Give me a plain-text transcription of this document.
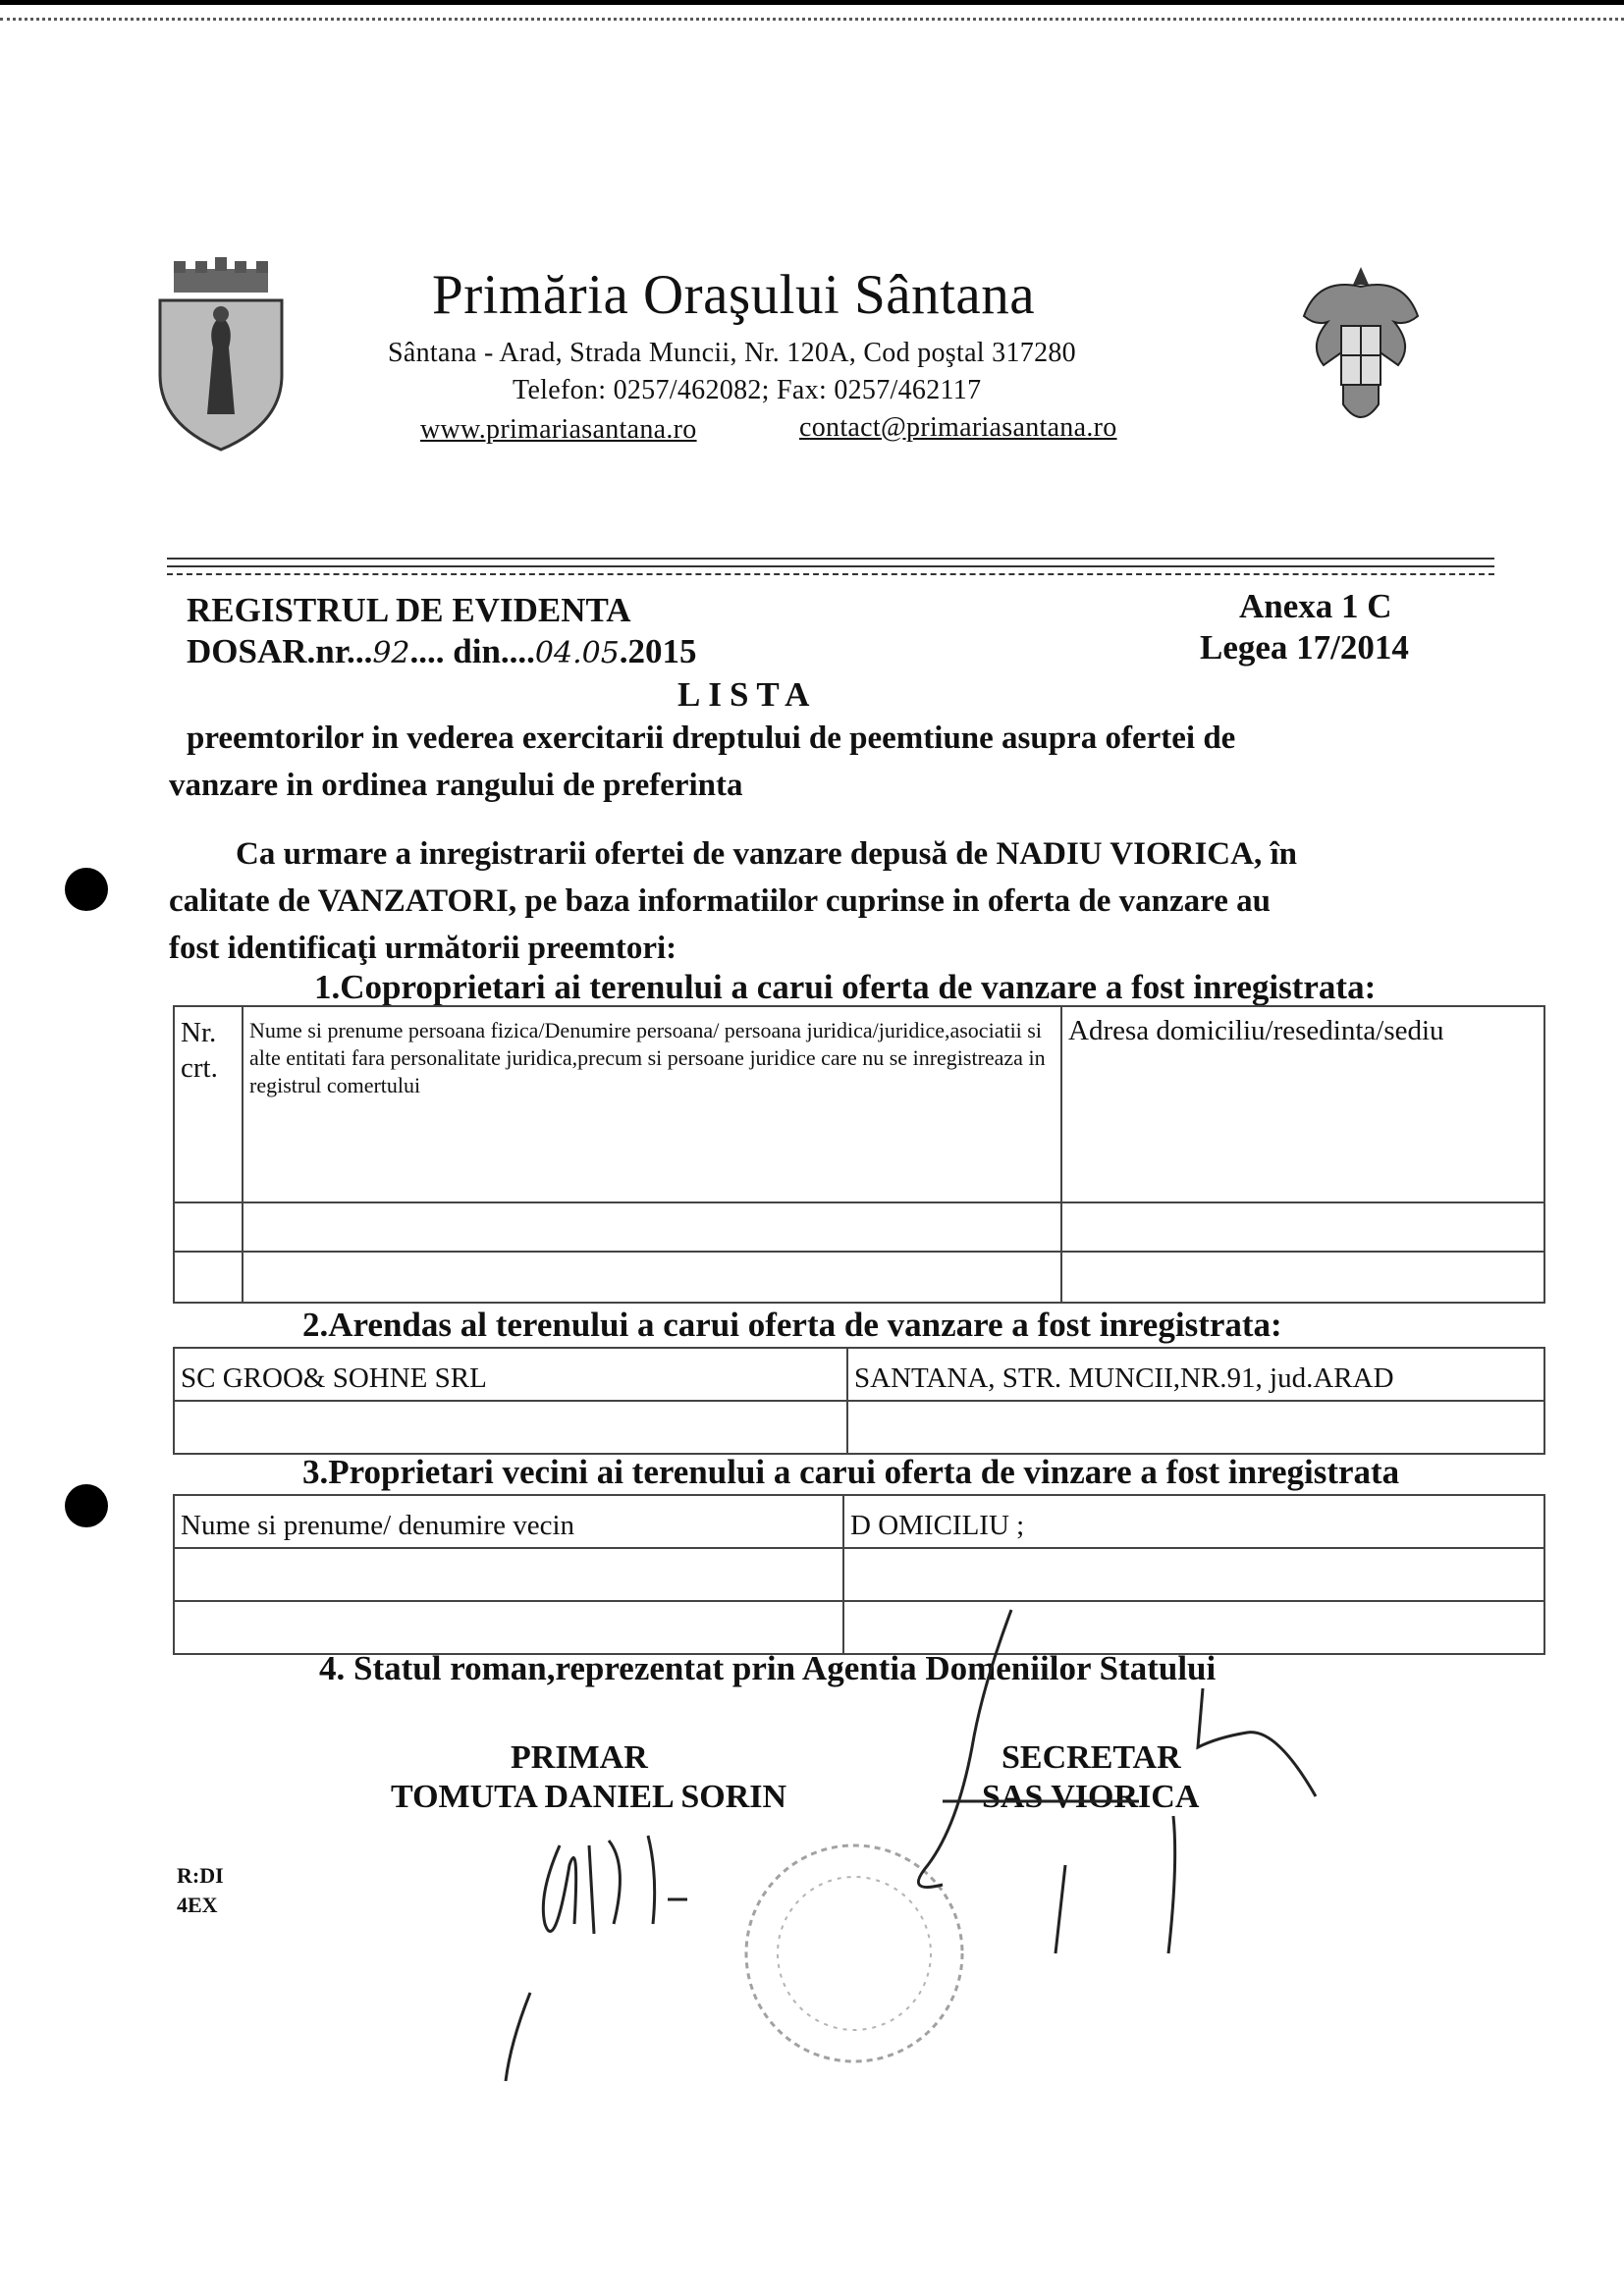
Primăria Oraşului Sântana
Sântana - Arad, Strada Muncii, Nr. 120A, Cod poştal 317280
Telefon: 0257/462082; Fax: 0257/462117
www.primariasantana.ro	contact@primariasantana.ro
REGISTRUL DE EVIDENTA
DOSAR.nr...92.... din....04.05.2015
Anexa 1 C
Legea 17/2014
LISTA
preemtorilor in vederea exercitarii dreptului de peemtiune asupra ofertei de
vanzare in ordinea rangului de preferinta
Ca urmare a inregistrarii ofertei de vanzare depusă de NADIU VIORICA, în
calitate de VANZATORI, pe baza informatiilor cuprinse in oferta de vanzare au
fost identificaţi următorii preemtori:
1.Coproprietari ai terenului a carui oferta de vanzare a fost inregistrata:
Nr. crt.	Nume si prenume persoana fizica/Denumire persoana/ persoana juridica/juridice,asociatii si alte entitati fara personalitate juridica,precum si persoane juridice care nu se inregistreaza in registrul comertului	Adresa domiciliu/resedinta/sediu

2.Arendas al terenului a carui oferta de vanzare a fost inregistrata:
SC GROO& SOHNE SRL	SANTANA, STR. MUNCII,NR.91, jud.ARAD

3.Proprietari vecini ai terenului a carui oferta de vinzare a fost inregistrata
Nume si prenume/ denumire vecin	D OMICILIU ;

4. Statul roman,reprezentat prin Agentia Domeniilor Statului
PRIMAR
TOMUTA DANIEL SORIN
SECRETAR
SAS VIORICA
R:DI
4EX
